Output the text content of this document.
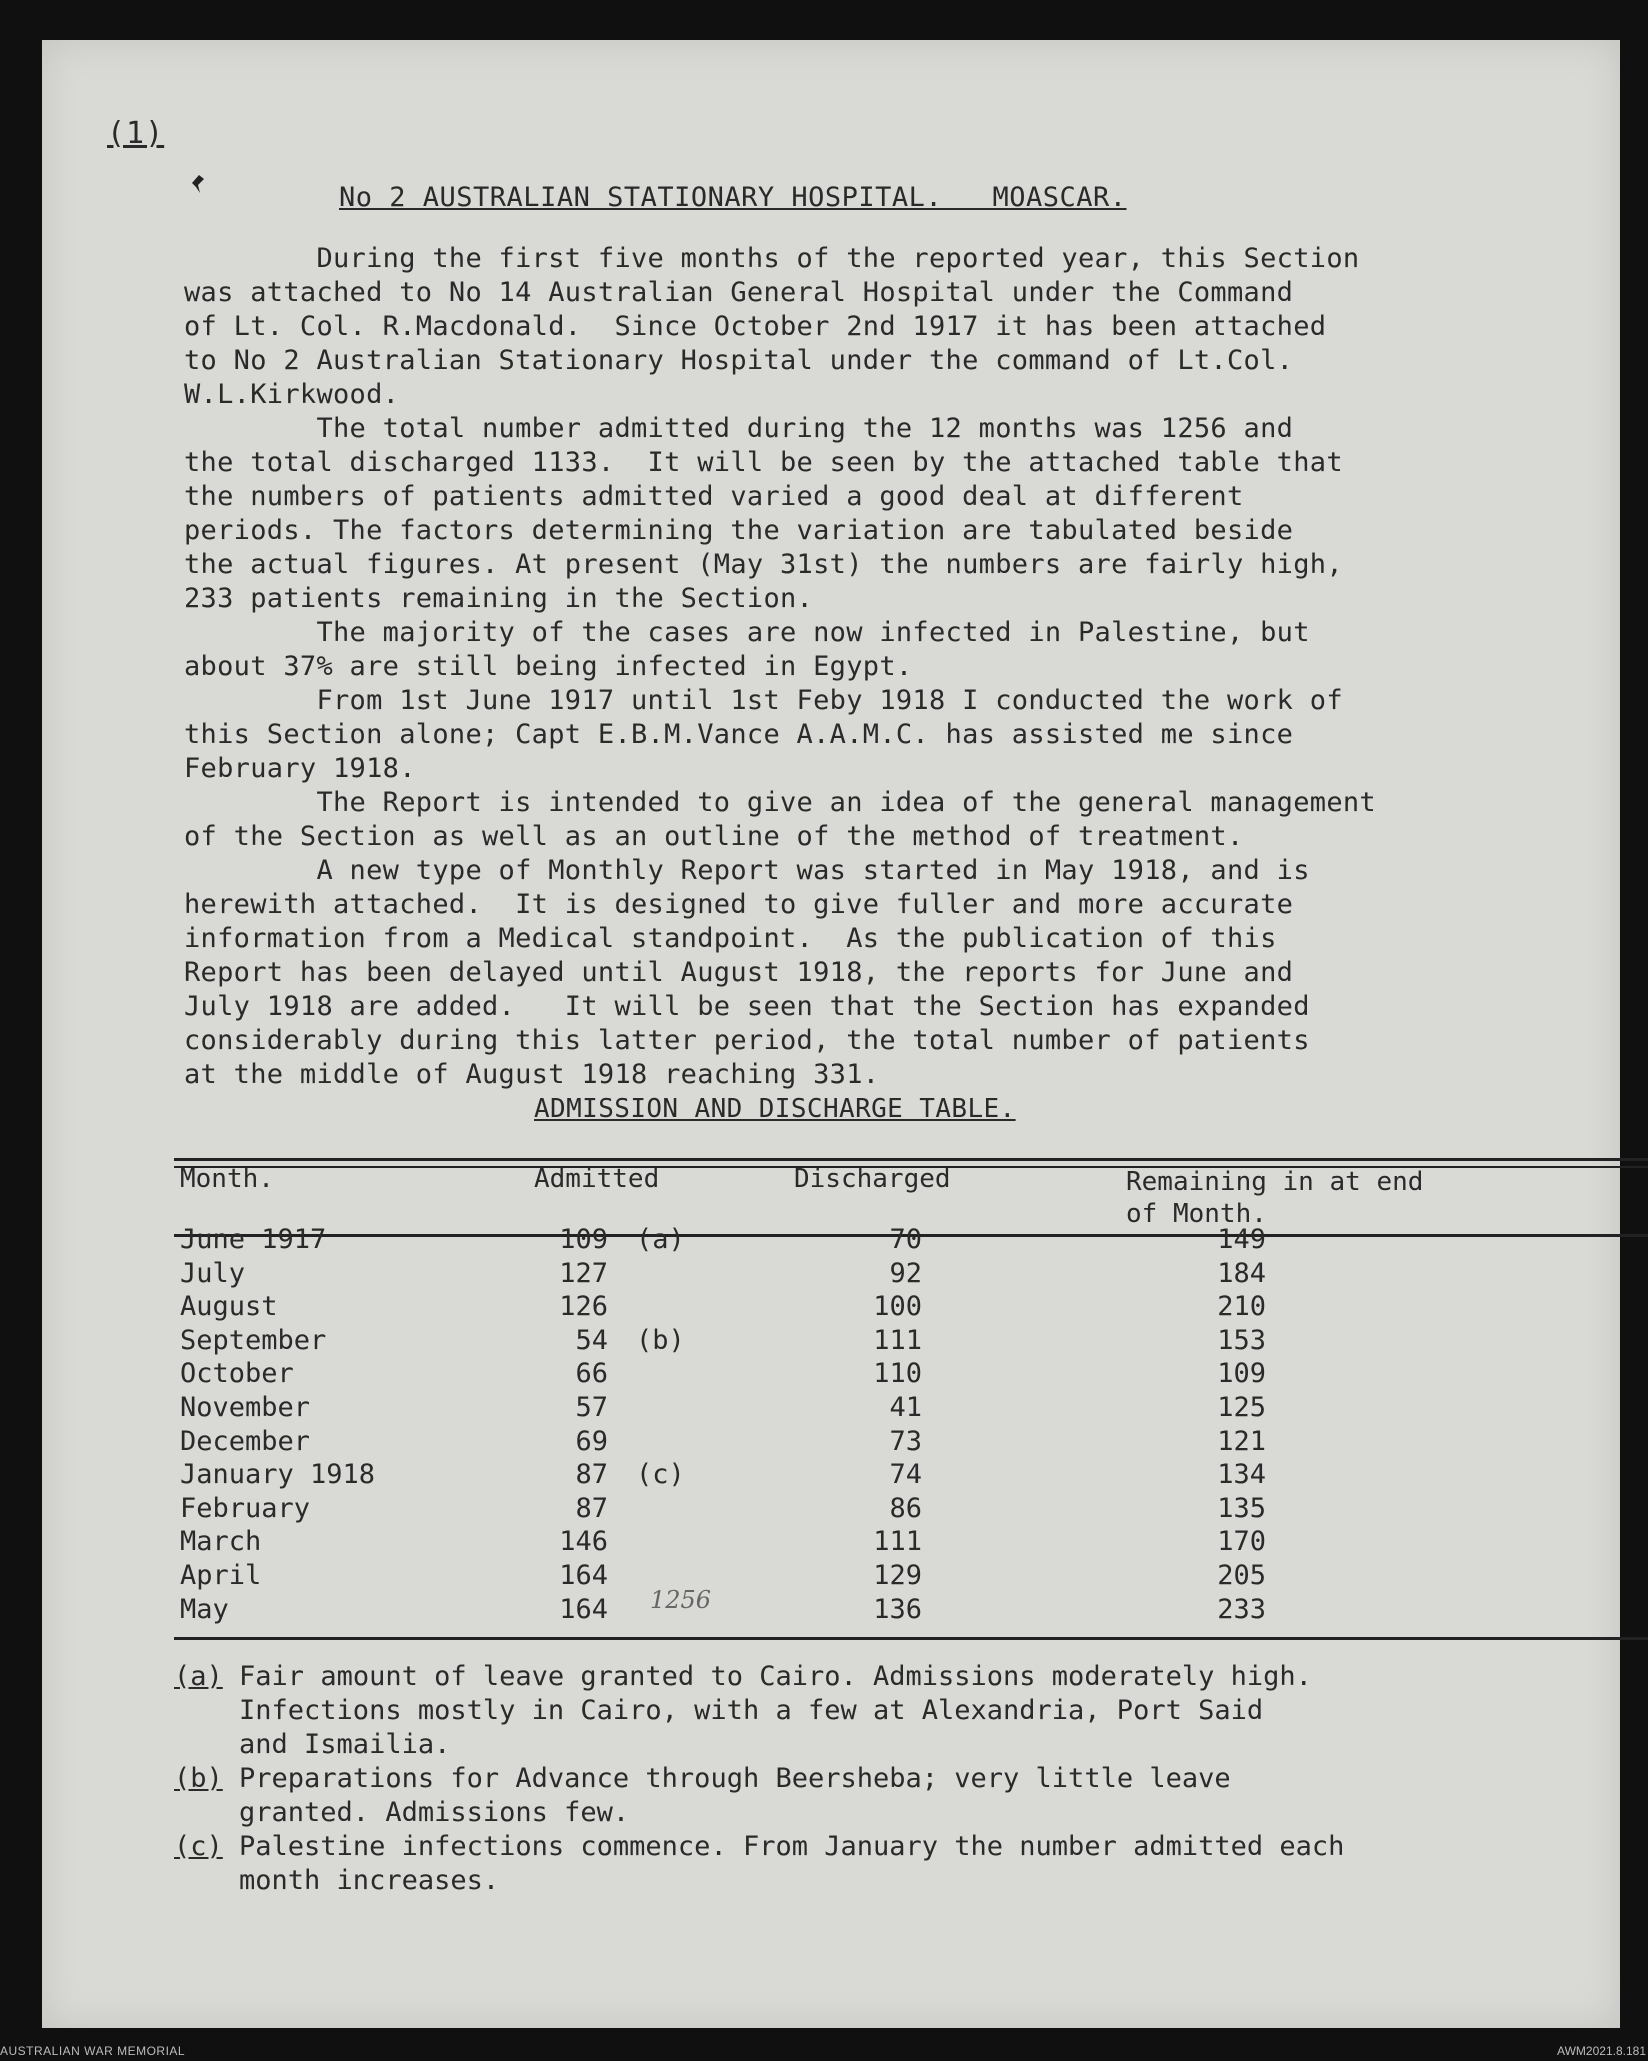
(1)
No 2 AUSTRALIAN STATIONARY HOSPITAL.   MOASCAR.
During the first five months of the reported year, this Section
was attached to No 14 Australian General Hospital under the Command
of Lt. Col. R.Macdonald.  Since October 2nd 1917 it has been attached
to No 2 Australian Stationary Hospital under the command of Lt.Col.
W.L.Kirkwood.
The total number admitted during the 12 months was 1256 and
the total discharged 1133.  It will be seen by the attached table that
the numbers of patients admitted varied a good deal at different
periods. The factors determining the variation are tabulated beside
the actual figures. At present (May 31st) the numbers are fairly high,
233 patients remaining in the Section.
The majority of the cases are now infected in Palestine, but
about 37% are still being infected in Egypt.
From 1st June 1917 until 1st Feby 1918 I conducted the work of
this Section alone; Capt E.B.M.Vance A.A.M.C. has assisted me since
February 1918.
The Report is intended to give an idea of the general management
of the Section as well as an outline of the method of treatment.
A new type of Monthly Report was started in May 1918, and is
herewith attached.  It is designed to give fuller and more accurate
information from a Medical standpoint.  As the publication of this
Report has been delayed until August 1918, the reports for June and
July 1918 are added.   It will be seen that the Section has expanded
considerably during this latter period, the total number of patients
at the middle of August 1918 reaching 331.
ADMISSION AND DISCHARGE TABLE.
Month.	Admitted	Discharged	Remaining in at end
of Month.
June 1917	109 (a)	70	149
July	127	92	184
August	126	100	210
September	54 (b)	111	153
October	66	110	109
November	57	41	125
December	69	73	121
January 1918	87 (c)	74	134
February	87	86	135
March	146	111	170
April	164	129	205
May	164	136	233
1256
(a) Fair amount of leave granted to Cairo. Admissions moderately high.
Infections mostly in Cairo, with a few at Alexandria, Port Said
and Ismailia.
(b) Preparations for Advance through Beersheba; very little leave
granted. Admissions few.
(c) Palestine infections commence. From January the number admitted each
month increases.
AUSTRALIAN WAR MEMORIAL	AWM2021.8.181
